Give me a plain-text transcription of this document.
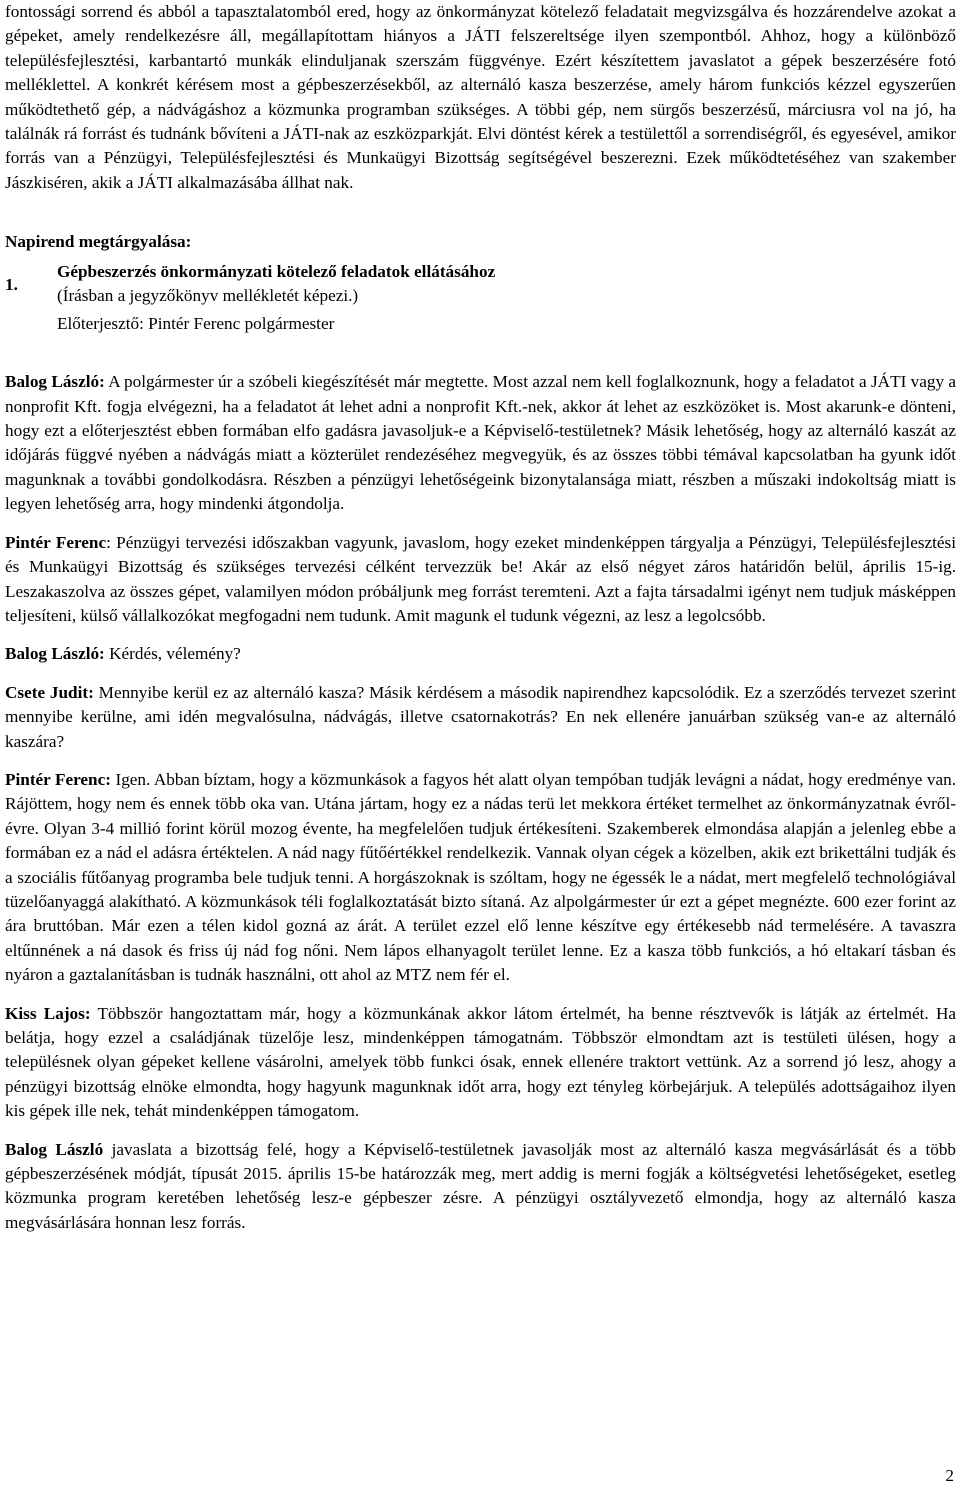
fontossági sorrend és abból a tapasztalatomból ered, hogy az önkormányzat kötelező feladatait megvizsgálva és hozzárendelve azokat a gépeket, amely rendelkezésre áll, megállapítottam hiányos a JÁTI felszereltsége ilyen szempontból. Ahhoz, hogy a különböző településfejlesztési, karbantartó munkák elinduljanak szerszám függvénye. Ezért készítettem javaslatot a gépek beszerzésére fotó melléklettel. A konkrét kérésem most a gépbeszerzésekből, az alternáló kasza beszerzése, amely három funkciós kézzel egyszerűen működtethető gép, a nádvágáshoz a közmunka programban szükséges. A többi gép, nem sürgős beszerzésű, márciusra vol na jó, ha találnák rá forrást és tudnánk bővíteni a JÁTI-nak az eszközparkját. Elvi döntést kérek a testülettől a sorrendiségről, és egyesével, amikor forrás van a Pénzügyi, Településfejlesztési és Munkaügyi Bizottság segítségével beszerezni. Ezek működtetéséhez van szakember Jászkiséren, akik a JÁTI alkalmazásába állhat nak.

Napirend megtárgyalása:
1.
Gépbeszerzés önkormányzati kötelező feladatok ellátásához
(Írásban a jegyzőkönyv mellékletét képezi.)
Előterjesztő: Pintér Ferenc polgármester

Balog László: A polgármester úr a szóbeli kiegészítését már megtette. Most azzal nem kell foglalkoznunk, hogy a feladatot a JÁTI vagy a nonprofit Kft. fogja elvégezni, ha a feladatot át lehet adni a nonprofit Kft.-nek, akkor át lehet az eszközöket is. Most akarunk-e dönteni, hogy ezt a előterjesztést ebben formában elfo gadásra javasoljuk-e a Képviselő-testületnek? Másik lehetőség, hogy az alternáló kaszát az időjárás függvé nyében a nádvágás miatt a közterület rendezéséhez megvegyük, és az összes többi témával kapcsolatban ha gyunk időt magunknak a további gondolkodásra. Részben a pénzügyi lehetőségeink bizonytalansága miatt, részben a műszaki indokoltság miatt is legyen lehetőség arra, hogy mindenki átgondolja.

Pintér Ferenc: Pénzügyi tervezési időszakban vagyunk, javaslom, hogy ezeket mindenképpen tárgyalja a Pénzügyi, Településfejlesztési és Munkaügyi Bizottság és szükséges tervezési célként tervezzük be! Akár az első négyet záros határidőn belül, április 15-ig. Leszakaszolva az összes gépet, valamilyen módon próbáljunk meg forrást teremteni. Azt a fajta társadalmi igényt nem tudjuk másképpen teljesíteni, külső vállalkozókat megfogadni nem tudunk. Amit magunk el tudunk végezni, az lesz a legolcsóbb.

Balog László: Kérdés, vélemény?

Csete Judit: Mennyibe kerül ez az alternáló kasza? Másik kérdésem a második napirendhez kapcsolódik. Ez a szerződés tervezet szerint mennyibe kerülne, ami idén megvalósulna, nádvágás, illetve csatornakotrás? En nek ellenére januárban szükség van-e az alternáló kaszára?

Pintér Ferenc: Igen. Abban bíztam, hogy a közmunkások a fagyos hét alatt olyan tempóban tudják levágni a nádat, hogy eredménye van. Rájöttem, hogy nem és ennek több oka van. Utána jártam, hogy ez a nádas terü let mekkora értéket termelhet az önkormányzatnak évről-évre. Olyan 3-4 millió forint körül mozog évente, ha megfelelően tudjuk értékesíteni. Szakemberek elmondása alapján a jelenleg ebbe a formában ez a nád el adásra értéktelen. A nád nagy fűtőértékkel rendelkezik. Vannak olyan cégek a közelben, akik ezt brikettálni tudják és a szociális fűtőanyag programba bele tudjuk tenni. A horgászoknak is szóltam, hogy ne égessék le a nádat, mert megfelelő technológiával tüzelőanyaggá alakítható. A közmunkások téli foglalkoztatását bizto sítaná. Az alpolgármester úr ezt a gépet megnézte. 600 ezer forint az ára bruttóban. Már ezen a télen kidol gozná az árát. A terület ezzel elő lenne készítve egy értékesebb nád termelésére. A tavaszra eltűnnének a ná dasok és friss új nád fog nőni. Nem lápos elhanyagolt terület lenne. Ez a kasza több funkciós, a hó eltakarí tásban és nyáron a gaztalanításban is tudnák használni, ott ahol az MTZ nem fér el.

Kiss Lajos: Többször hangoztattam már, hogy a közmunkának akkor látom értelmét, ha benne résztvevők is látják az értelmét. Ha belátja, hogy ezzel a családjának tüzelője lesz, mindenképpen támogatnám. Többször elmondtam azt is testületi ülésen, hogy a településnek olyan gépeket kellene vásárolni, amelyek több funkci ósak, ennek ellenére traktort vettünk. Az a sorrend jó lesz, ahogy a pénzügyi bizottság elnöke elmondta, hogy hagyunk magunknak időt arra, hogy ezt tényleg körbejárjuk. A település adottságaihoz ilyen kis gépek ille nek, tehát mindenképpen támogatom.

Balog László javaslata a bizottság felé, hogy a Képviselő-testületnek javasolják most az alternáló kasza megvásárlását és a több gépbeszerzésének módját, típusát 2015. április 15-be határozzák meg, mert addig is merni fogják a költségvetési lehetőségeket, esetleg közmunka program keretében lehetőség lesz-e gépbeszer zésre. A pénzügyi osztályvezető elmondja, hogy az alternáló kasza megvásárlására honnan lesz forrás.

2
